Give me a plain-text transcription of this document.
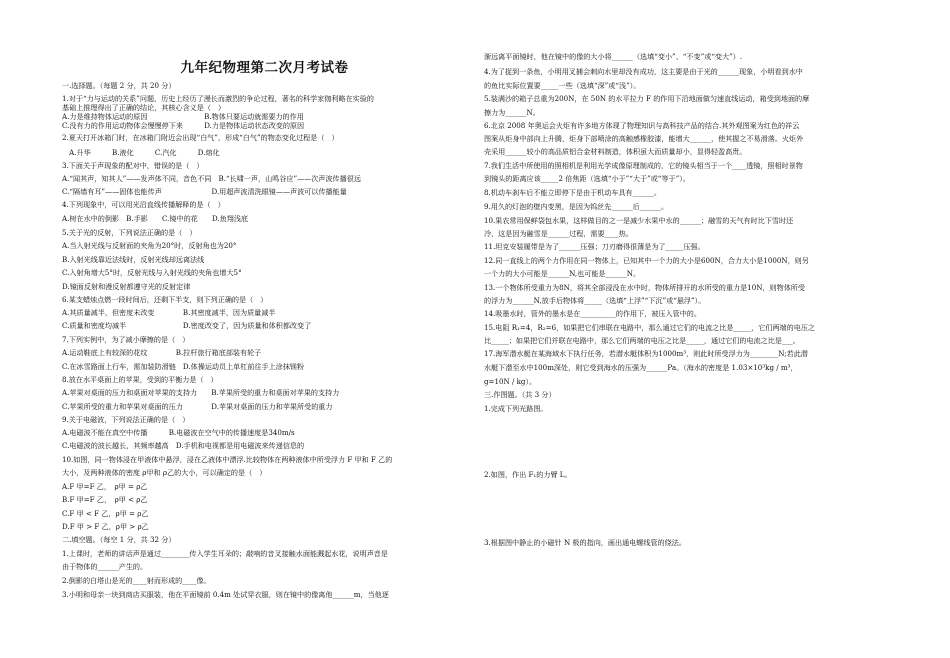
九年纪物理第二次月考试卷
一.选择题。（每题 2 分，共 20 分）
1.对于“力与运动的关系”问题，历史上经历了漫长而激烈的争论过程，著名的科学家伽利略在实验的
基础上推理得出了正确的结论，其核心含义是（　）
A.力是维持物体运动的原因　　　　　　　　B.物体只要运动就需要力的作用
C.没有力的作用运动物体会慢慢停下来　　　D.力是物体运动状态改变的原因
2.夏天打开冰箱门时，在冰箱门附近会出现“白气”，形成“白气”的物态变化过程是（　）
　A.升华　　　B.液化　　　C.汽化　　　D.熔化
3.下面关于声现象的配对中，错误的是（　）
A.“闻其声，知其人”——发声体不同，音色不同　B.“长啸一声，山鸣谷应”——次声波传播很远
C.“隔墙有耳”——固体也能传声　　　　　　　D.用超声波清洗眼镜——声波可以传播能量
4.下列现象中，可以用光沿直线传播解释的是（　）
A.树在水中的倒影　B.手影　　C.镜中的花　　D.鱼翔浅底
5.关于光的反射，下列说法正确的是（　）
A.当入射光线与反射面的夹角为20°时，反射角也为20°
B.入射光线靠近法线时，反射光线却远离法线
C.入射角增大5°时，反射光线与入射光线的夹角也增大5°
D.镜面反射和漫反射都遵守光的反射定律
6.某支蜡烛点燃一段时间后，还剩下半支，则下列正确的是（　）
A.其质量减半，但密度未改变　　　　B.其密度减半，因为质量减半
C.质量和密度均减半　　　　　　　　D.密度改变了，因为质量和体积都改变了
7.下列实例中，为了减小摩擦的是（　）
A.运动鞋底上有较深的花纹　　　　B.拉杆旅行箱底部装有轮子
C.在冰雪路面上行车，需加装防滑链　D.体操运动员上单杠前往手上涂抹镁粉
8.放在水平桌面上的苹果，受到的平衡力是（　）
A.苹果对桌面的压力和桌面对苹果的支持力　　B.苹果所受的重力和桌面对苹果的支持力
C.苹果所受的重力和苹果对桌面的压力　　　　D.苹果对桌面的压力和苹果所受的重力
9.关于电磁波，下列说法正确的是（　）
A.电磁波不能在真空中传播　　　B.电磁波在空气中的传播速度是340m/s
C.电磁波的波长越长，其频率越高　D.手机和电视都是用电磁波来传递信息的
10.如图，同一物体浸在甲液体中悬浮，浸在乙液体中漂浮.比较物体在两种液体中所受浮力 F 甲和 F 乙的
大小，及两种液体的密度 ρ甲和 ρ乙的大小，可以确定的是（　）
A.F 甲=F 乙，　ρ甲 = ρ乙
B.F 甲=F 乙，　ρ甲 < ρ乙
C.F 甲 < F 乙，ρ甲 = ρ乙
D.F 甲 > F 乙，ρ甲 > ρ乙
二.填空题。（每空 1 分，共 32 分）
1.上课时，老师的讲话声是通过________传入学生耳朵的；敲响的音叉接触水面能溅起水花，说明声音是
由于物体的______产生的。
2.倒影的白塔山是光的____射而形成的____像。
3.小明和母亲一块到商店买服装，他在平面镜前 0.4m 处试穿衣服，则在镜中的像离他______m，当他逐
渐远离平面镜时，他在镜中的像的大小将______（选填“变小”、“不变”或“变大”）.
4.为了捉到一条鱼，小明用叉捕会刺向水里却没有成功，这主要是由于光的______现象，小明看到水中
的鱼比实际位置要_____一些（选填“深”或“浅”）。
5.装满沙的箱子总重为200N，在 50N 的水平拉力 F 的作用下沿地面做匀速直线运动，箱受到地面的摩
擦力为______N。
6.北京 2008 年奥运会火炬有许多地方体现了物理知识与高科技产品的结合.其外观图案为红色的祥云
图案从炬身中部向上升腾，炬身下部喷涂的高触感橡胶漆，能增大______，使其握之不易滑落。火炬外
壳采用______较小的高品质铝合金材料制造，体积虽大而质量却小，显得轻盈高贵。
7.我们生活中所使用的照相机是利用光学成像原理制成的，它的镜头相当于一个____透镜，照相时景物
到镜头的距离应该_____2 倍焦距（选填“小于”“大于”或“等于”）。
8.机动车刹车后不能立即停下是由于机动车具有______。
9.用久的灯泡的壁内变黑，是因为钨丝先______后______。
10.果农常用保鲜袋包水果，这样做目的之一是减少水果中水的______；融雪的天气有时比下雪时还
冷，这是因为融雪是______过程，需要____热。
11.坦克安装履带是为了______压强；刀刃磨得很薄是为了_____压强。
12.同一直线上的两个力作用在同一物体上，已知其中一个力的大小是600N，合力大小是1000N，则另
一个力的大小可能是______N,也可能是______N。
13.一个物体所受重力为8N，将其全部浸没在水中时，物体所排开的水所受的重力是10N，则物体所受
的浮力为______N,放手后物体将_____（选填“上浮”“下沉”或“悬浮”）。
14.吸墨水时，管外的墨水是在__________的作用下，被压入管中的。
15.电阻 R₁=4，R₂=6，如果把它们串联在电路中，那么通过它们的电流之比是_____，它们两端的电压之
比_____；如果把它们并联在电路中，那么它们两端的电压之比是_____，通过它们的电流之比是___。
17.海军潜水艇在某海域水下执行任务，若潜水艇体积为1000m³，则此时所受浮力为________N;若此潜
水艇下潜至水中100m深处，则它受到海水的压强为______Pa。（海水的密度是 1.03×10³kg / m³，
g=10N / kg）。
三.作图题。（共 3 分）
1.完成下列光路图。
2.如图，作出 F₁的力臂 L。
3.根据图中静止的小磁针 N 极的指向，画出通电螺线管的绕法。
